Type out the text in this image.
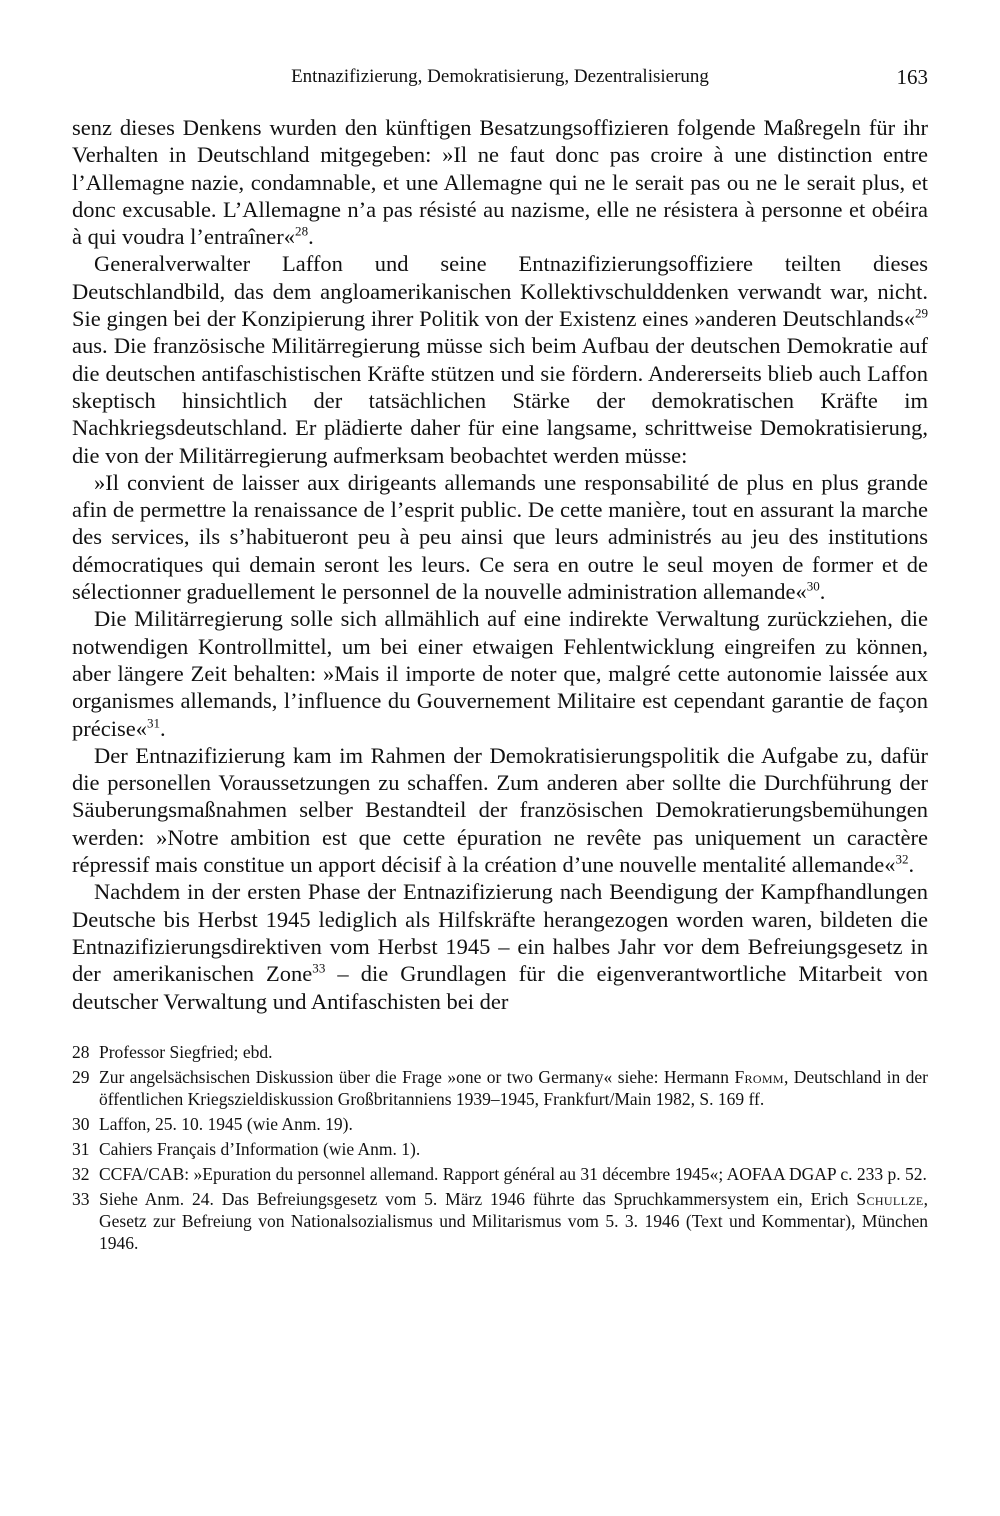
Entnazifizierung, Demokratisierung, Dezentralisierung	163

senz dieses Denkens wurden den künftigen Besatzungsoffizieren folgende Maßregeln für ihr Verhalten in Deutschland mitgegeben: »Il ne faut donc pas croire à une distinction entre l’Allemagne nazie, condamnable, et une Allemagne qui ne le serait pas ou ne le serait plus, et donc excusable. L’Allemagne n’a pas résisté au nazisme, elle ne résistera à personne et obéira à qui voudra l’entraîner«$^{28}$.

Generalverwalter Laffon und seine Entnazifizierungsoffiziere teilten dieses Deutschlandbild, das dem angloamerikanischen Kollektivschulddenken verwandt war, nicht. Sie gingen bei der Konzipierung ihrer Politik von der Existenz eines »anderen Deutschlands«$^{29}$ aus. Die französische Militärregierung müsse sich beim Aufbau der deutschen Demokratie auf die deutschen antifaschistischen Kräfte stützen und sie fördern. Andererseits blieb auch Laffon skeptisch hinsichtlich der tatsächlichen Stärke der demokratischen Kräfte im Nachkriegsdeutschland. Er plädierte daher für eine langsame, schrittweise Demokratisierung, die von der Militärregierung aufmerksam beobachtet werden müsse:

»Il convient de laisser aux dirigeants allemands une responsabilité de plus en plus grande afin de permettre la renaissance de l’esprit public. De cette manière, tout en assurant la marche des services, ils s’habitueront peu à peu ainsi que leurs administrés au jeu des institutions démocratiques qui demain seront les leurs. Ce sera en outre le seul moyen de former et de sélectionner graduellement le personnel de la nouvelle administration allemande«$^{30}$.

Die Militärregierung solle sich allmählich auf eine indirekte Verwaltung zurückziehen, die notwendigen Kontrollmittel, um bei einer etwaigen Fehlentwicklung eingreifen zu können, aber längere Zeit behalten: »Mais il importe de noter que, malgré cette autonomie laissée aux organismes allemands, l’influence du Gouvernement Militaire est cependant garantie de façon précise«$^{31}$.

Der Entnazifizierung kam im Rahmen der Demokratisierungspolitik die Aufgabe zu, dafür die personellen Voraussetzungen zu schaffen. Zum anderen aber sollte die Durchführung der Säuberungsmaßnahmen selber Bestandteil der französischen Demokratierungsbemühungen werden: »Notre ambition est que cette épuration ne revête pas uniquement un caractère répressif mais constitue un apport décisif à la création d’une nouvelle mentalité allemande«$^{32}$.

Nachdem in der ersten Phase der Entnazifizierung nach Beendigung der Kampfhandlungen Deutsche bis Herbst 1945 lediglich als Hilfskräfte herangezogen worden waren, bildeten die Entnazifizierungsdirektiven vom Herbst 1945 – ein halbes Jahr vor dem Befreiungsgesetz in der amerikanischen Zone$^{33}$ – die Grundlagen für die eigenverantwortliche Mitarbeit von deutscher Verwaltung und Antifaschisten bei der

28 Professor Siegfried; ebd.
29 Zur angelsächsischen Diskussion über die Frage »one or two Germany« siehe: Hermann Fromm, Deutschland in der öffentlichen Kriegszieldiskussion Großbritanniens 1939–1945, Frankfurt/Main 1982, S. 169 ff.
30 Laffon, 25. 10. 1945 (wie Anm. 19).
31 Cahiers Français d’Information (wie Anm. 1).
32 CCFA/CAB: »Epuration du personnel allemand. Rapport général au 31 décembre 1945«; AOFAA DGAP c. 233 p. 52.
33 Siehe Anm. 24. Das Befreiungsgesetz vom 5. März 1946 führte das Spruchkammersystem ein, Erich Schullze, Gesetz zur Befreiung von Nationalsozialismus und Militarismus vom 5. 3. 1946 (Text und Kommentar), München 1946.
